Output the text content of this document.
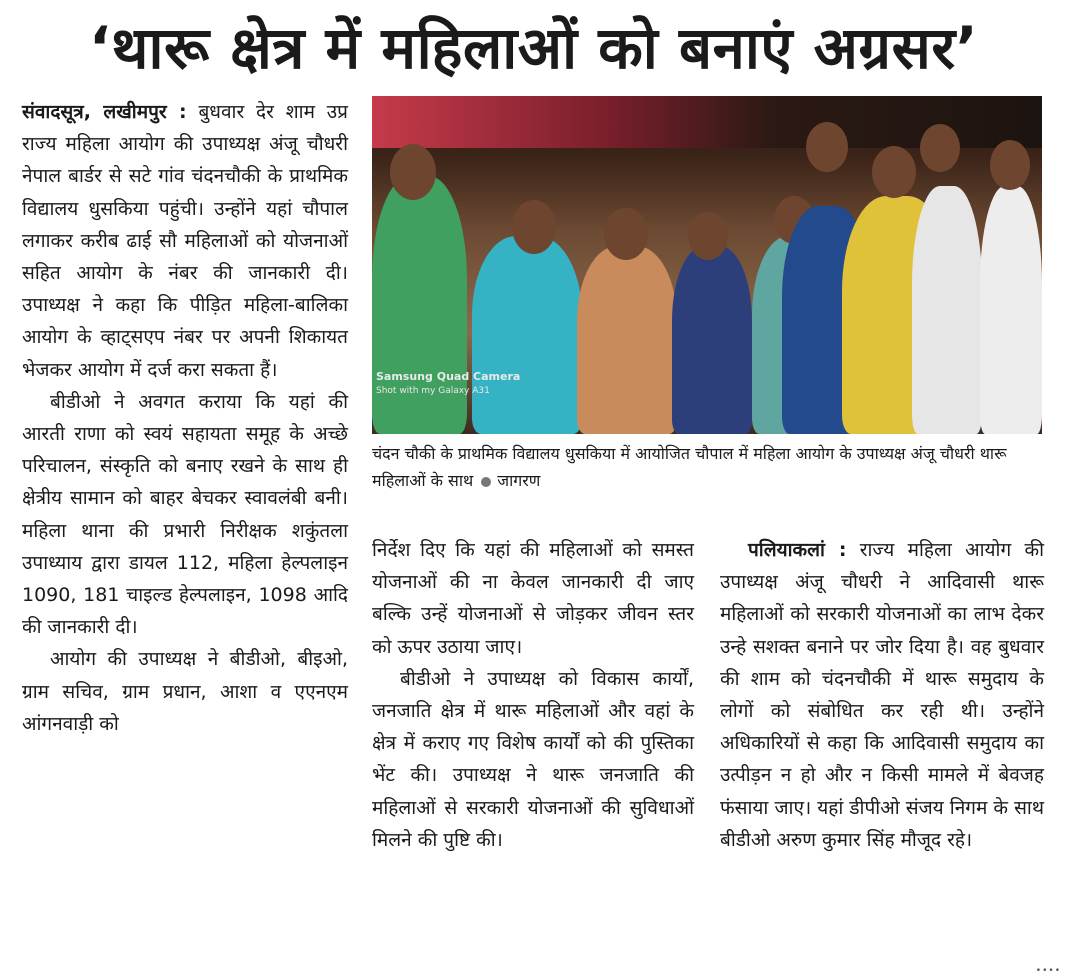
‘थारू क्षेत्र में महिलाओं को बनाएं अग्रसर’
Samsung Quad Camera
Shot with my Galaxy A31
चंदन चौकी के प्राथमिक विद्यालय धुसकिया में आयोजित चौपाल में महिला आयोग के उपाध्यक्ष अंजू चौधरी थारू महिलाओं के साथ जागरण

संवादसूत्र, लखीमपुर : बुधवार देर शाम उप्र राज्य महिला आयोग की उपाध्यक्ष अंजू चौधरी नेपाल बार्डर से सटे गांव चंदनचौकी के प्राथमिक विद्यालय धुसकिया पहुंची। उन्होंने यहां चौपाल लगाकर करीब ढाई सौ महिलाओं को योजनाओं सहित आयोग के नंबर की जानकारी दी। उपाध्यक्ष ने कहा कि पीड़ित महिला-बालिका आयोग के व्हाट्सएप नंबर पर अपनी शिकायत भेजकर आयोग में दर्ज करा सकता हैं।

बीडीओ ने अवगत कराया कि यहां की आरती राणा को स्वयं सहायता समूह के अच्छे परिचालन, संस्कृति को बनाए रखने के साथ ही क्षेत्रीय सामान को बाहर बेचकर स्वावलंबी बनी। महिला थाना की प्रभारी निरीक्षक शकुंतला उपाध्याय द्वारा डायल 112, महिला हेल्पलाइन 1090, 181 चाइल्ड हेल्पलाइन, 1098 आदि की जानकारी दी।

आयोग की उपाध्यक्ष ने बीडीओ, बीइओ, ग्राम सचिव, ग्राम प्रधान, आशा व एएनएम आंगनवाड़ी को

निर्देश दिए कि यहां की महिलाओं को समस्त योजनाओं की ना केवल जानकारी दी जाए बल्कि उन्हें योजनाओं से जोड़कर जीवन स्तर को ऊपर उठाया जाए।

बीडीओ ने उपाध्यक्ष को विकास कार्यों, जनजाति क्षेत्र में थारू महिलाओं और वहां के क्षेत्र में कराए गए विशेष कार्यों को की पुस्तिका भेंट की। उपाध्यक्ष ने थारू जनजाति की महिलाओं से सरकारी योजनाओं की सुविधाओं मिलने की पुष्टि की।

पलियाकलां : राज्य महिला आयोग की उपाध्यक्ष अंजू चौधरी ने आदिवासी थारू महिलाओं को सरकारी योजनाओं का लाभ देकर उन्हे सशक्त बनाने पर जोर दिया है। वह बुधवार की शाम को चंदनचौकी में थारू समुदाय के लोगों को संबोधित कर रही थी। उन्होंने अधिकारियों से कहा कि आदिवासी समुदाय का उत्पीड़न न हो और न किसी मामले में बेवजह फंसाया जाए। यहां डीपीओ संजय निगम के साथ बीडीओ अरुण कुमार सिंह मौजूद रहे।

••••
